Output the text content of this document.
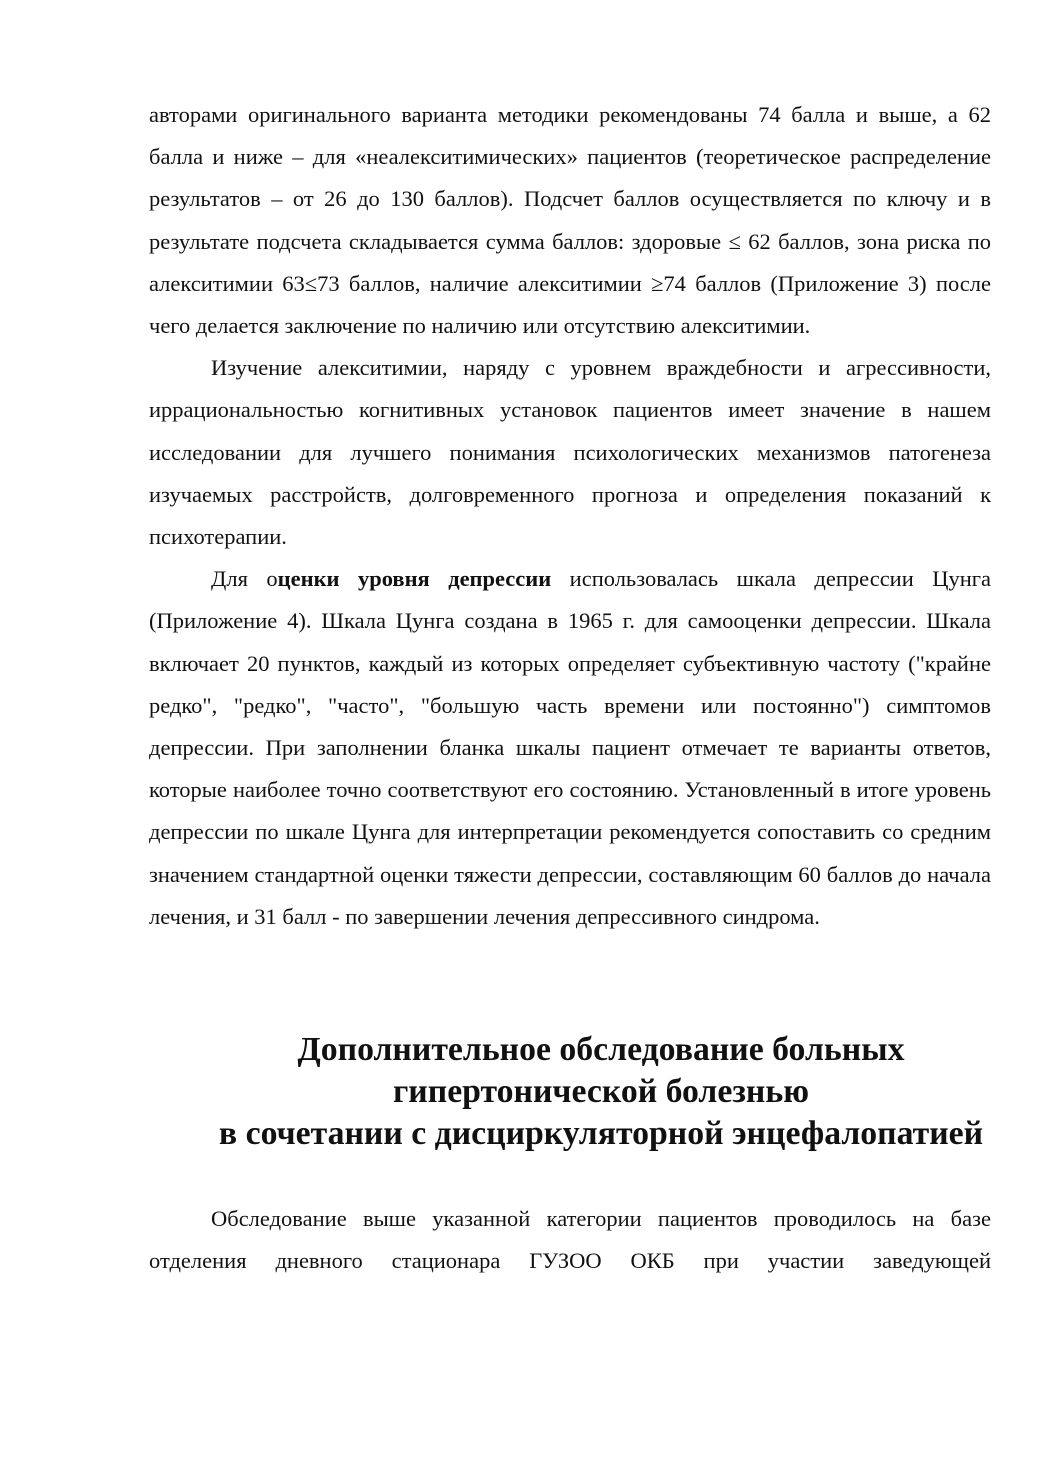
авторами оригинального варианта методики рекомендованы 74 балла и выше, а 62 балла и ниже – для «неалекситимических» пациентов (теоретическое распределение результатов – от 26 до 130 баллов). Подсчет баллов осуществляется по ключу и в результате подсчета складывается сумма баллов: здоровые ≤ 62 баллов, зона риска по алекситимии 63≤73 баллов, наличие алекситимии ≥74 баллов (Приложение 3) после чего делается заключение по наличию или отсутствию алекситимии.

Изучение алекситимии, наряду с уровнем враждебности и агрессивности, иррациональностью когнитивных установок пациентов имеет значение в нашем исследовании для лучшего понимания психологических механизмов патогенеза изучаемых расстройств, долговременного прогноза и определения показаний к психотерапии.

Для оценки уровня депрессии использовалась шкала депрессии Цунга (Приложение 4). Шкала Цунга создана в 1965 г. для самооценки депрессии. Шкала включает 20 пунктов, каждый из которых определяет субъективную частоту ("крайне редко", "редко", "часто", "большую часть времени или постоянно") симптомов депрессии. При заполнении бланка шкалы пациент отмечает те варианты ответов, которые наиболее точно соответствуют его состоянию. Установленный в итоге уровень депрессии по шкале Цунга для интерпретации рекомендуется сопоставить со средним значением стандартной оценки тяжести депрессии, составляющим 60 баллов до начала лечения, и 31 балл - по завершении лечения депрессивного синдрома.

Дополнительное обследование больных гипертонической болезнью
в сочетании с дисциркуляторной энцефалопатией

Обследование выше указанной категории пациентов проводилось на базе отделения дневного стационара ГУЗОО ОКБ при участии заведующей
